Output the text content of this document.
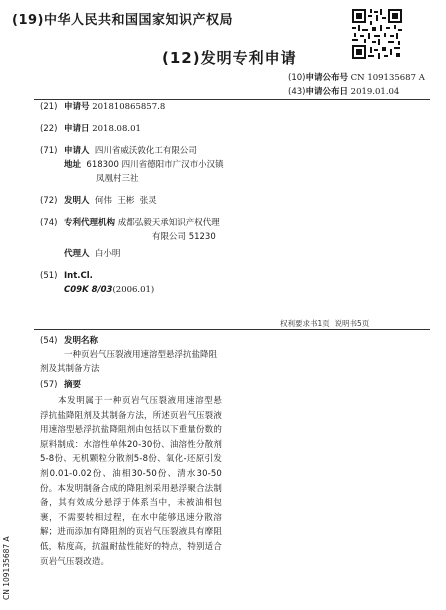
(19)中华人民共和国国家知识产权局
(12)发明专利申请
(10)申请公布号 CN 109135687 A
(43)申请公布日 2019.01.04
(21) 申请号 201810865857.8
(22) 申请日 2018.08.01
(71) 申请人 四川省威沃敦化工有限公司
地址 618300 四川省德阳市广汉市小汉镇
凤凰村三社
(72) 发明人 何伟  王彬  张灵
(74) 专利代理机构 成都弘毅天承知识产权代理
有限公司 51230
代理人 白小明
(51) Int.Cl.
C09K 8/03(2006.01)
权利要求书1页  说明书5页
(54) 发明名称
一种页岩气压裂液用速溶型悬浮抗盐降阻
剂及其制备方法
(57) 摘要
本发明属于一种页岩气压裂液用速溶型悬浮抗盐降阻剂及其制备方法，所述页岩气压裂液用速溶型悬浮抗盐降阻剂由包括以下重量份数的原料制成：水溶性单体20-30份、油溶性分散剂5-8份、无机颗粒分散剂5-8份、氧化-还原引发剂0.01-0.02份、油相30-50份、清水30-50份。本发明制备合成的降阻剂采用悬浮聚合法制备，其有效成分悬浮于体系当中，未被油相包裹，不需要转相过程，在水中能够迅速分散溶解；进而添加有降阻剂的页岩气压裂液具有摩阻低，粘度高，抗温耐盐性能好的特点，特别适合页岩气压裂改造。
CN 109135687 A
